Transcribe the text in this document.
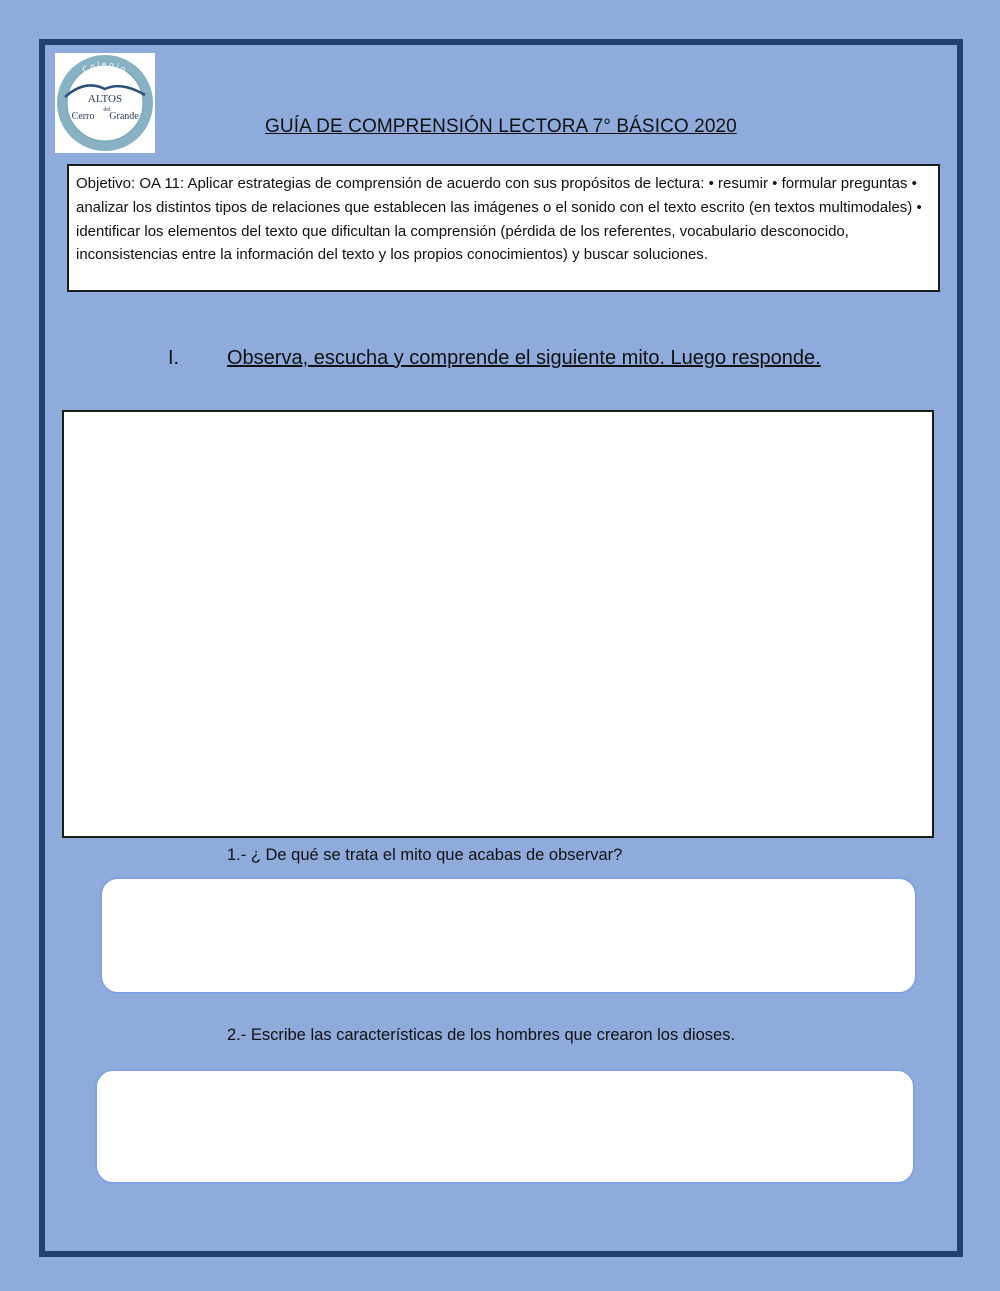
Colegio
LA SERENA
ALTOS
del
Cerro Grande	GUÍA DE COMPRENSIÓN LECTORA 7° BÁSICO 2020
Objetivo: OA 11: Aplicar estrategias de comprensión de acuerdo con sus propósitos de lectura: • resumir • formular preguntas • analizar los distintos tipos de relaciones que establecen las imágenes o el sonido con el texto escrito (en textos multimodales) • identificar los elementos del texto que dificultan la comprensión (pérdida de los referentes, vocabulario desconocido, inconsistencias entre la información del texto y los propios conocimientos) y buscar soluciones.
I. Observa, escucha y comprende el siguiente mito. Luego responde.
1.- ¿ De qué se trata el mito que acabas de observar?
2.- Escribe las características de los hombres que crearon los dioses.
